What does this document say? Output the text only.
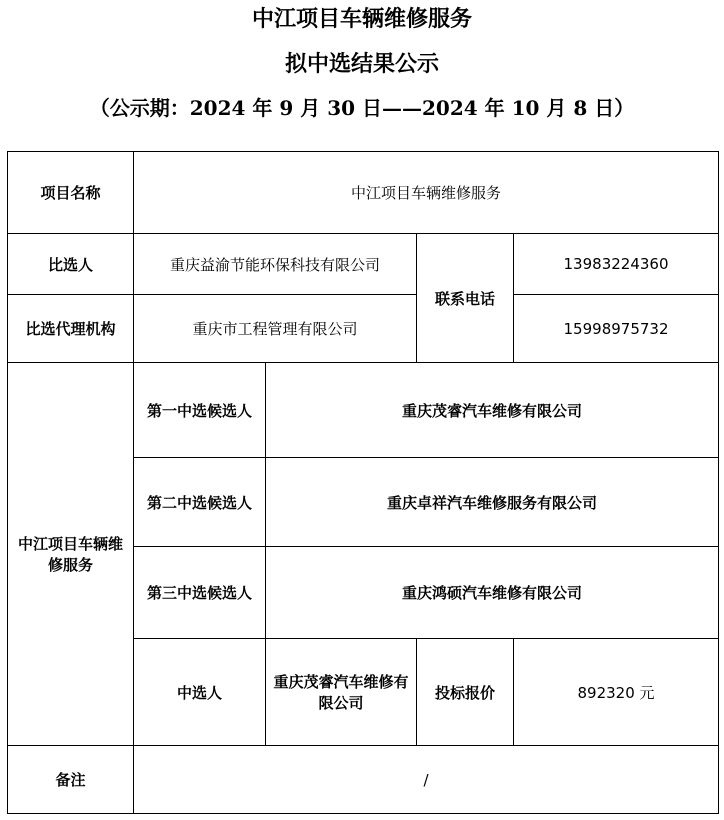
中江项目车辆维修服务
拟中选结果公示
（公示期：2024 年 9 月 30 日——2024 年 10 月 8 日）
项目名称	中江项目车辆维修服务			
比选人	重庆益渝节能环保科技有限公司		联系电话	13983224360
比选代理机构	重庆市工程管理有限公司			15998975732
中江项目车辆维修服务	第一中选候选人	重庆茂睿汽车维修有限公司		
	第二中选候选人	重庆卓祥汽车维修服务有限公司		
	第三中选候选人	重庆鸿硕汽车维修有限公司		
	中选人	重庆茂睿汽车维修有限公司	投标报价	892320 元
备注	/			
